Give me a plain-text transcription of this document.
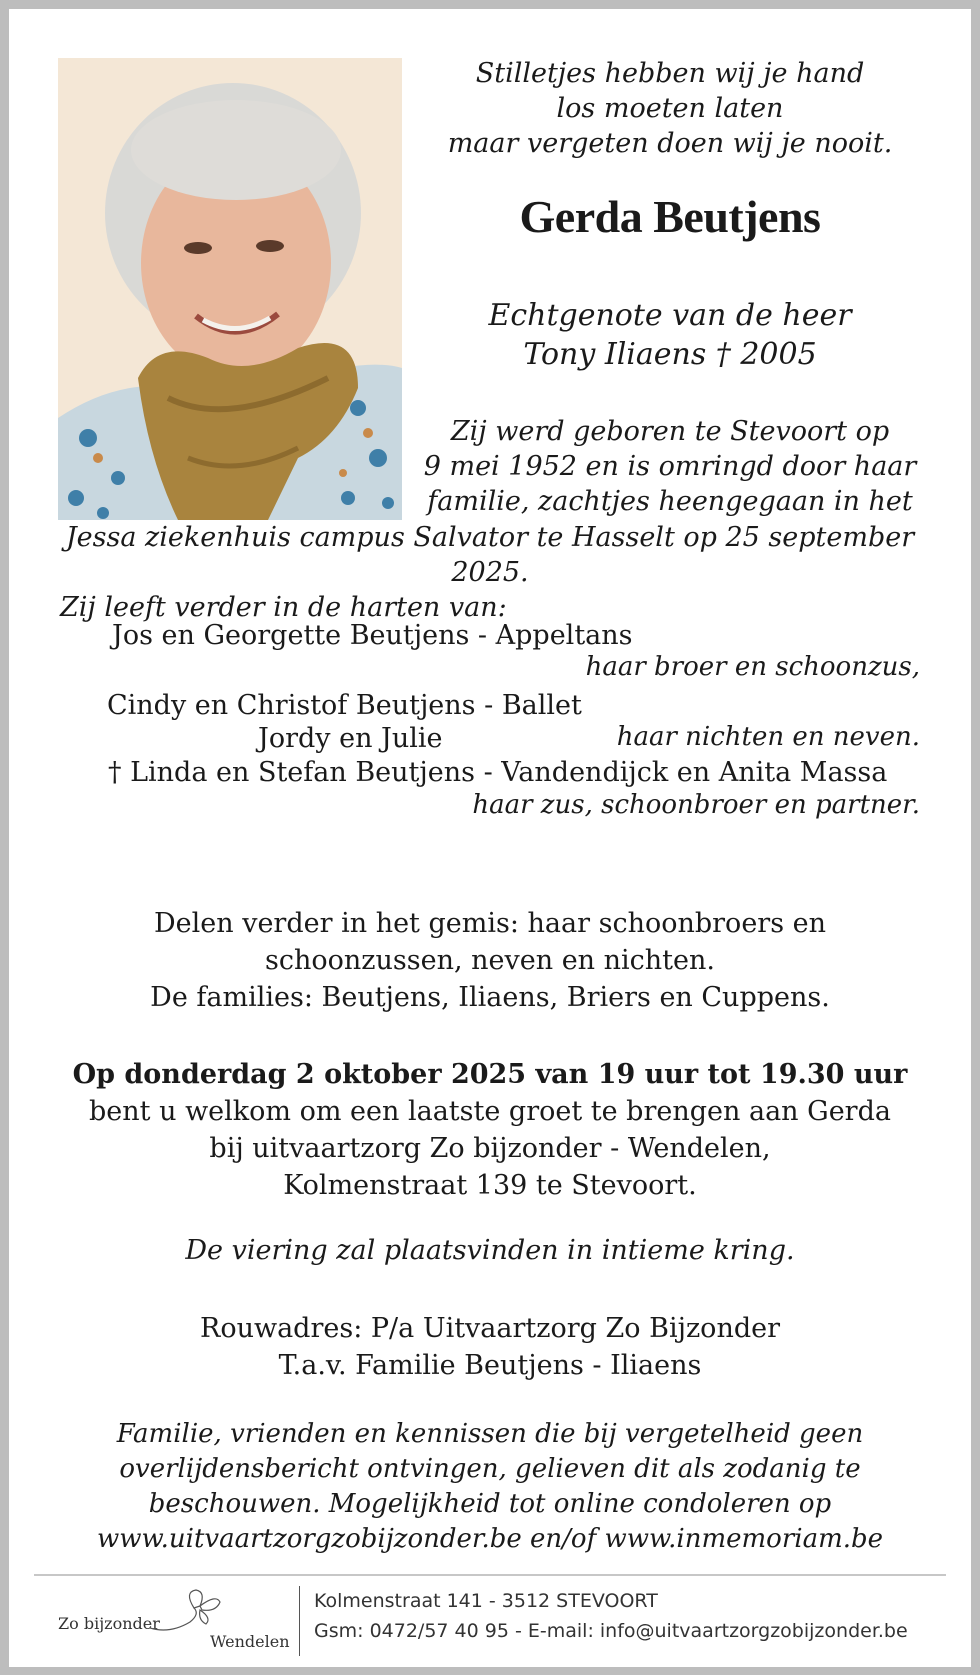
Stilletjes hebben wij je hand
los moeten laten
maar vergeten doen wij je nooit.
Gerda Beutjens
Echtgenote van de heer
Tony Iliaens † 2005
Zij werd geboren te Stevoort op
9 mei 1952 en is omringd door haar
familie, zachtjes heengegaan in het
Jessa ziekenhuis campus Salvator te Hasselt op 25 september 2025.
Zij leeft verder in de harten van:
Jos en Georgette Beutjens - Appeltans
haar broer en schoonzus,
Cindy en Christof Beutjens - Ballet
Jordy en Julie	haar nichten en neven.
† Linda en Stefan Beutjens - Vandendijck en Anita Massa
haar zus, schoonbroer en partner.
Delen verder in het gemis: haar schoonbroers en
schoonzussen, neven en nichten.
De families: Beutjens, Iliaens, Briers en Cuppens.
Op donderdag 2 oktober 2025 van 19 uur tot 19.30 uur
bent u welkom om een laatste groet te brengen aan Gerda
bij uitvaartzorg Zo bijzonder - Wendelen,
Kolmenstraat 139 te Stevoort.
De viering zal plaatsvinden in intieme kring.
Rouwadres: P/a Uitvaartzorg Zo Bijzonder
T.a.v. Familie Beutjens - Iliaens
Familie, vrienden en kennissen die bij vergetelheid geen
overlijdensbericht ontvingen, gelieven dit als zodanig te
beschouwen. Mogelijkheid tot online condoleren op
www.uitvaartzorgzobijzonder.be en/of www.inmemoriam.be
Zo bijzonder
Wendelen
Kolmenstraat 141 - 3512 STEVOORT
Gsm: 0472/57 40 95 - E-mail: info@uitvaartzorgzobijzonder.be
